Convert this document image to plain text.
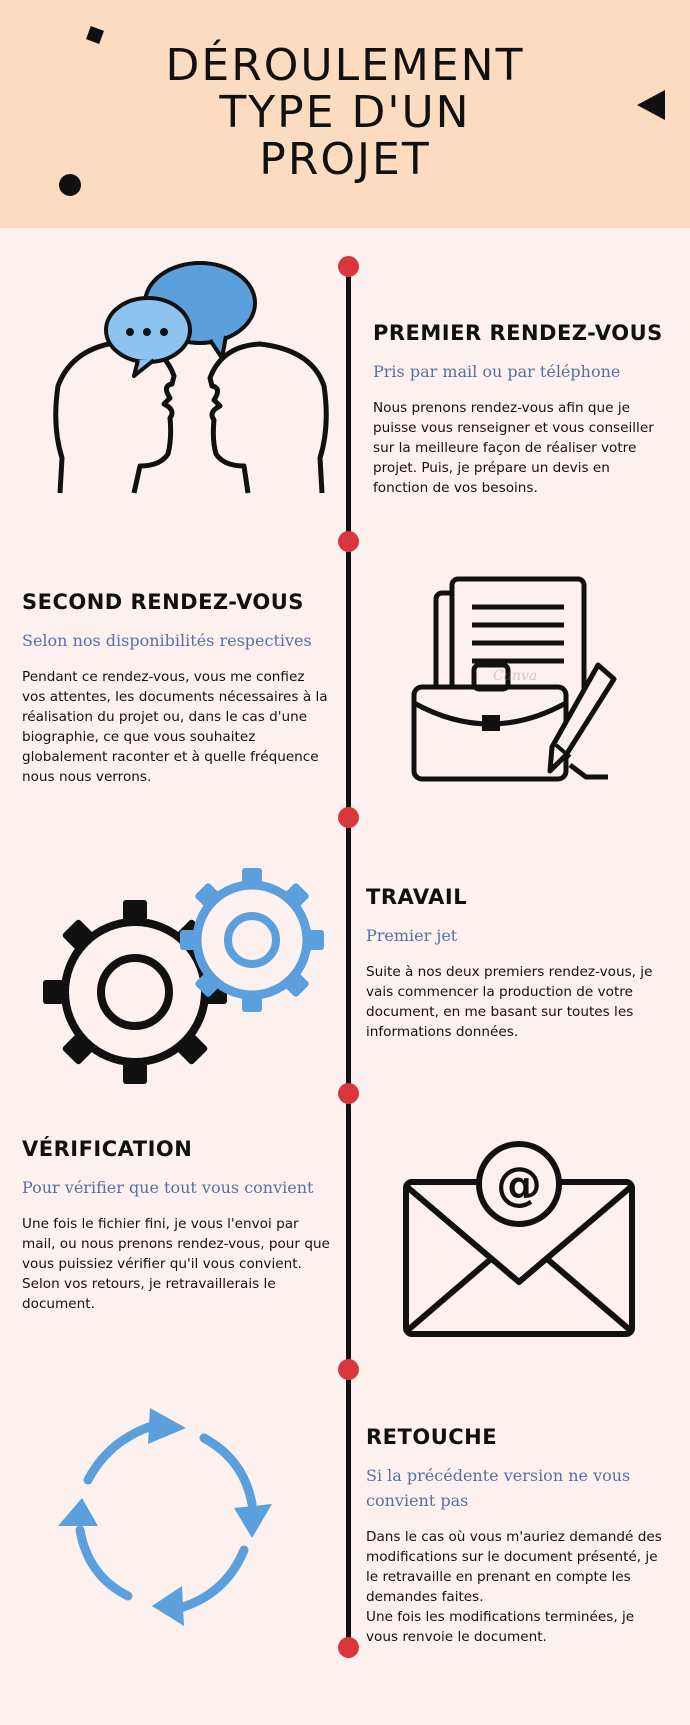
DÉROULEMENT
TYPE D'UN
PROJET
PREMIER RENDEZ-VOUS
Pris par mail ou par téléphone
Nous prenons rendez-vous afin que je puisse vous renseigner et vous conseiller sur la meilleure façon de réaliser votre projet. Puis, je prépare un devis en fonction de vos besoins.
SECOND RENDEZ-VOUS
Selon nos disponibilités respectives
Pendant ce rendez-vous, vous me confiez vos attentes, les documents nécessaires à la réalisation du projet ou, dans le cas d'une biographie, ce que vous souhaitez globalement raconter et à quelle fréquence nous nous verrons.
TRAVAIL
Premier jet
Suite à nos deux premiers rendez-vous, je vais commencer la production de votre document, en me basant sur toutes les informations données.
VÉRIFICATION
Pour vérifier que tout vous convient
Une fois le fichier fini, je vous l'envoi par mail, ou nous prenons rendez-vous, pour que vous puissiez vérifier qu'il vous convient. Selon vos retours, je retravaillerais le document.
@
RETOUCHE
Si la précédente version ne vous convient pas
Dans le cas où vous m'auriez demandé des modifications sur le document présenté, je le retravaille en prenant en compte les demandes faites.
Une fois les modifications terminées, je vous renvoie le document.
Canva
